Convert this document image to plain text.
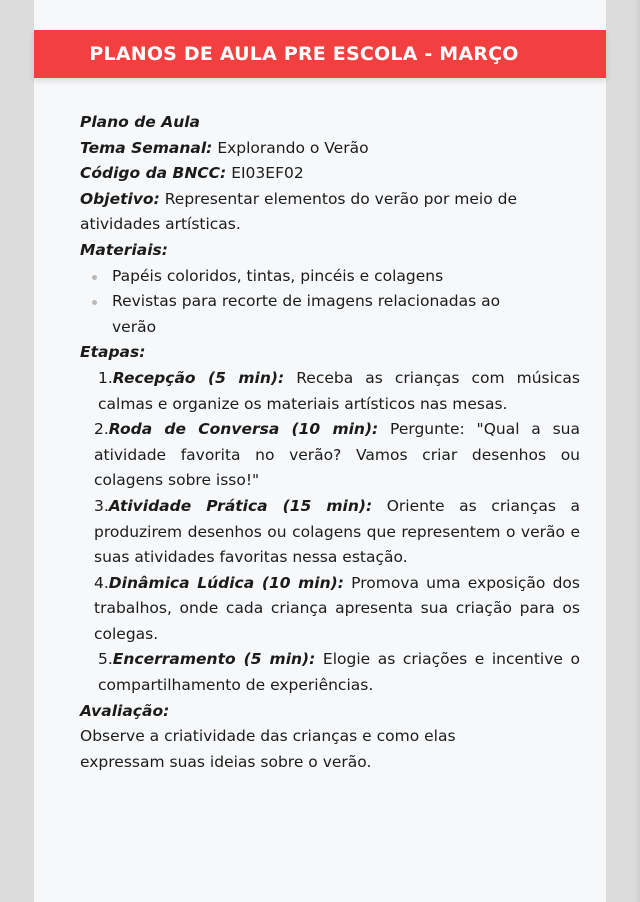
PLANOS DE AULA PRE ESCOLA - MARÇO

Plano de Aula

Tema Semanal: Explorando o Verão

Código da BNCC: EI03EF02

Objetivo: Representar elementos do verão por meio de atividades artísticas.

Materiais:

Papéis coloridos, tintas, pincéis e colagens
Revistas para recorte de imagens relacionadas ao verão

Etapas:

1.Recepção (5 min): Receba as crianças com músicas calmas e organize os materiais artísticos nas mesas.

2.Roda de Conversa (10 min): Pergunte: "Qual a sua atividade favorita no verão? Vamos criar desenhos ou colagens sobre isso!"

3.Atividade Prática (15 min): Oriente as crianças a produzirem desenhos ou colagens que representem o verão e suas atividades favoritas nessa estação.

4.Dinâmica Lúdica (10 min): Promova uma exposição dos trabalhos, onde cada criança apresenta sua criação para os colegas.

5.Encerramento (5 min): Elogie as criações e incentive o compartilhamento de experiências.

Avaliação:

Observe a criatividade das crianças e como elas expressam suas ideias sobre o verão.
